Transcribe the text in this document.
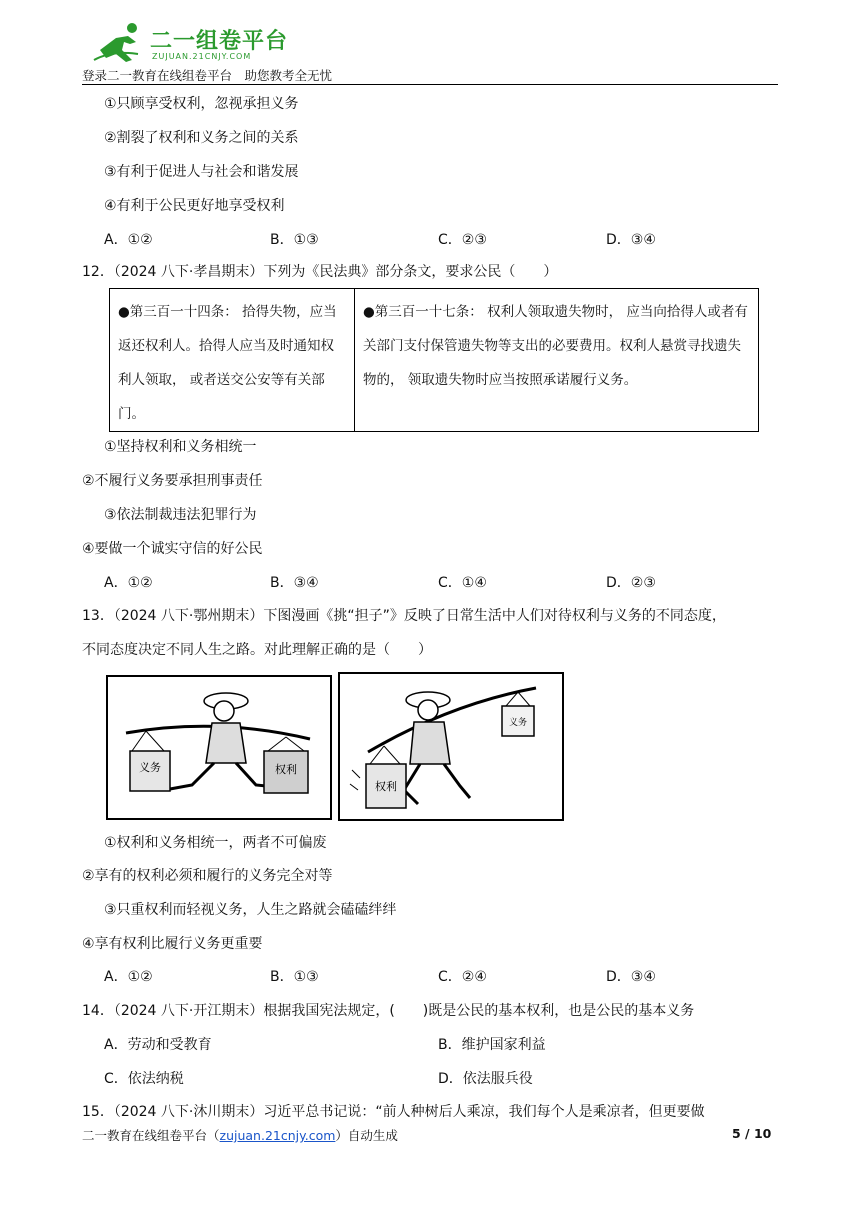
二一组卷平台
ZUJUAN.21CNJY.COM
登录二一教育在线组卷平台　助您教考全无忧
①只顾享受权利，忽视承担义务
②割裂了权利和义务之间的关系
③有利于促进人与社会和谐发展
④有利于公民更好地享受权利
A．①②	B．①③	C．②③	D．③④
12．（2024 八下·孝昌期末）下列为《民法典》部分条文，要求公民（　　）
●第三百一十四条： 拾得失物，应当返还权利人。拾得人应当及时通知权利人领取， 或者送交公安等有关部门。	●第三百一十七条： 权利人领取遗失物时， 应当向拾得人或者有关部门支付保管遗失物等支出的必要费用。权利人悬赏寻找遗失物的， 领取遗失物时应当按照承诺履行义务。
①坚持权利和义务相统一
②不履行义务要承担刑事责任
③依法制裁违法犯罪行为
④要做一个诚实守信的好公民
A．①②	B．③④	C．①④	D．②③
13．（2024 八下·鄂州期末）下图漫画《挑“担子”》反映了日常生活中人们对待权利与义务的不同态度，
不同态度决定不同人生之路。对此理解正确的是（　　）
义务	权利
权利
义务
①权利和义务相统一，两者不可偏废
②享有的权利必须和履行的义务完全对等
③只重权利而轻视义务，人生之路就会磕磕绊绊
④享有权利比履行义务更重要
A．①②	B．①③	C．②④	D．③④
14．（2024 八下·开江期末）根据我国宪法规定，(　　)既是公民的基本权利，也是公民的基本义务
A．劳动和受教育	B．维护国家利益
C．依法纳税	D．依法服兵役
15．（2024 八下·沐川期末）习近平总书记说：“前人种树后人乘凉，我们每个人是乘凉者，但更要做
二一教育在线组卷平台（zujuan.21cnjy.com）自动生成	5 / 10
